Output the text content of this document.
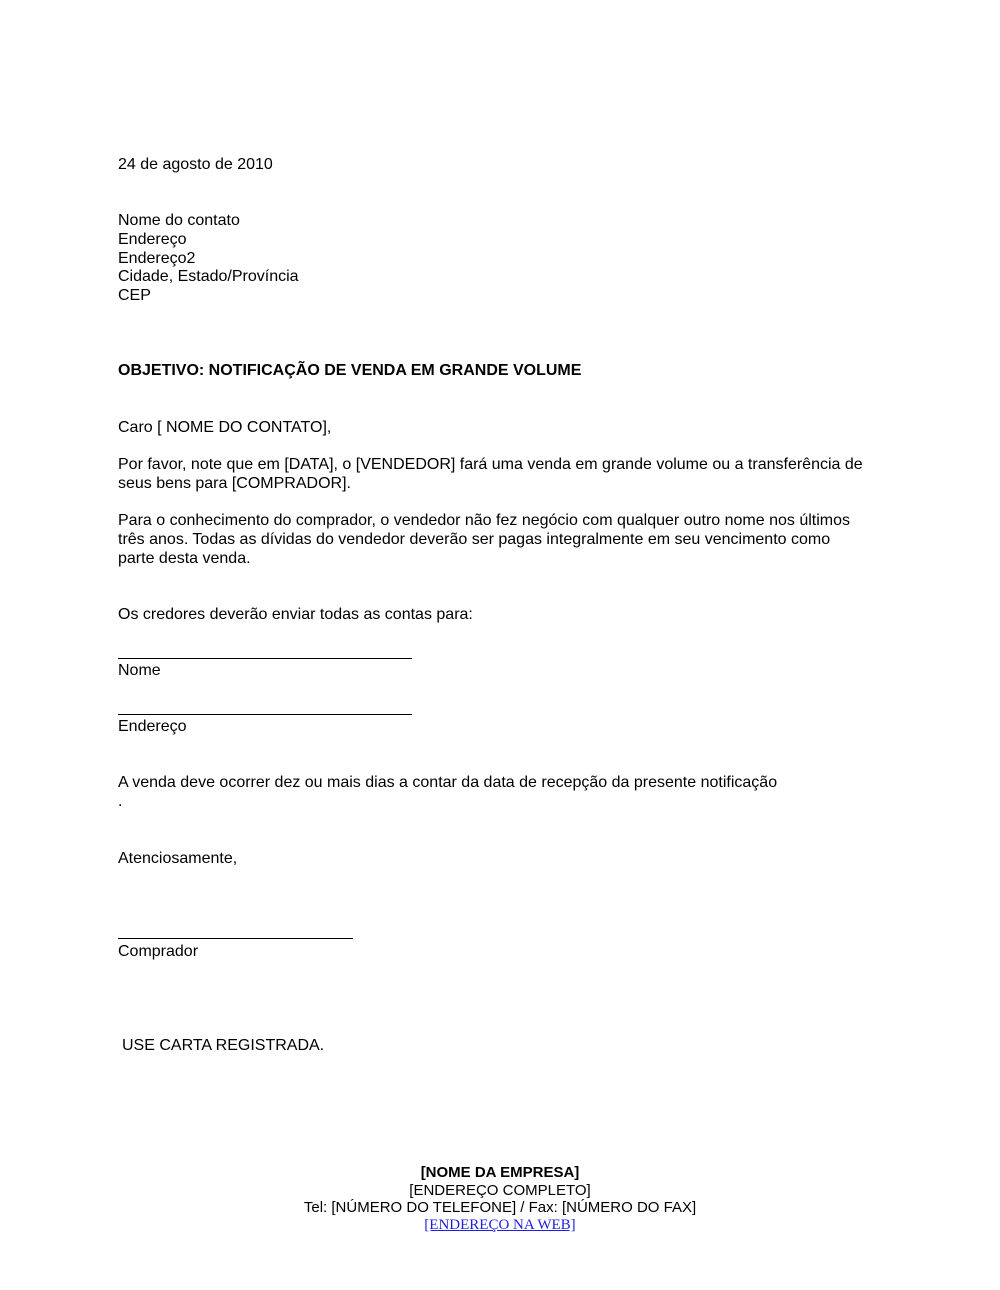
24 de agosto de 2010
Nome do contato
Endereço
Endereço2
Cidade, Estado/Província
CEP
OBJETIVO: NOTIFICAÇÃO DE VENDA EM GRANDE VOLUME
Caro [ NOME DO CONTATO],
Por favor, note que em [DATA], o [VENDEDOR] fará uma venda em grande volume ou a transferência de
seus bens para [COMPRADOR].
Para o conhecimento do comprador, o vendedor não fez negócio com qualquer outro nome nos últimos
três anos. Todas as dívidas do vendedor deverão ser pagas integralmente em seu vencimento como
parte desta venda.
Os credores deverão enviar todas as contas para:
Nome
Endereço
A venda deve ocorrer dez ou mais dias a contar da data de recepção da presente notificação
.
Atenciosamente,
Comprador
USE CARTA REGISTRADA.
[NOME DA EMPRESA]
[ENDEREÇO COMPLETO]
Tel: [NÚMERO DO TELEFONE] / Fax: [NÚMERO DO FAX]
[ENDEREÇO NA WEB]
